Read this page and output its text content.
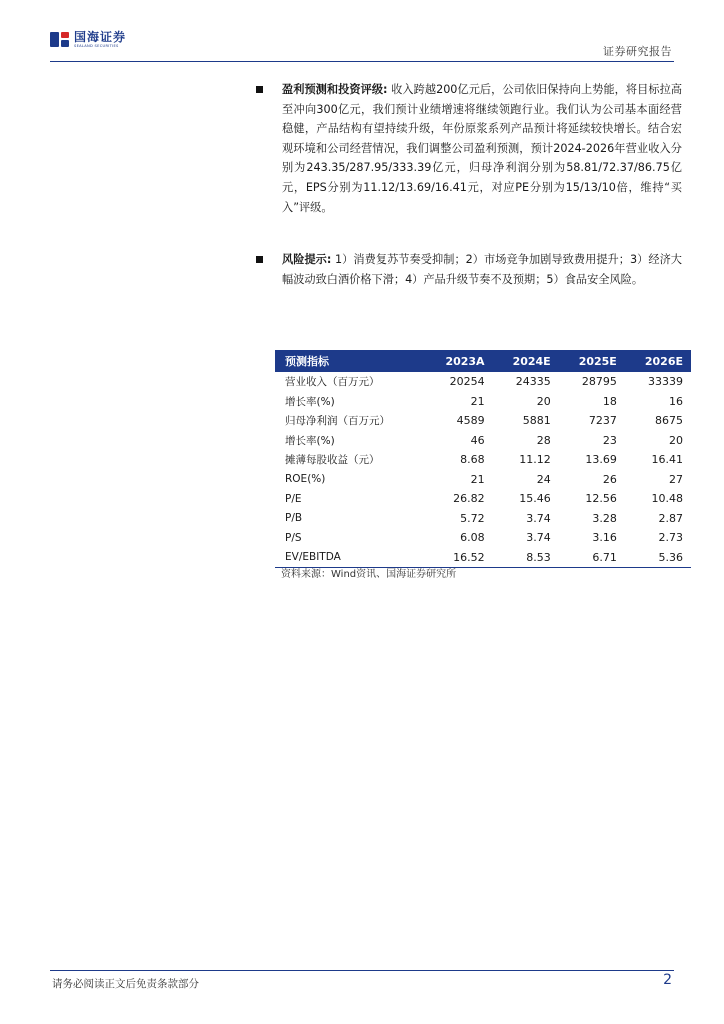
国海证券
SEALAND SECURITIES	证券研究报告
盈利预测和投资评级: 收入跨越200亿元后，公司依旧保持向上势能，将目标拉高至冲向300亿元，我们预计业绩增速将继续领跑行业。我们认为公司基本面经营稳健，产品结构有望持续升级，年份原浆系列产品预计将延续较快增长。结合宏观环境和公司经营情况，我们调整公司盈利预测，预计2024-2026年营业收入分别为243.35/287.95/333.39亿元，归母净利润分别为58.81/72.37/86.75亿元，EPS分别为11.12/13.69/16.41元，对应PE分别为15/13/10倍，维持“买入”评级。
风险提示: 1）消费复苏节奏受抑制；2）市场竞争加剧导致费用提升；3）经济大幅波动致白酒价格下滑；4）产品升级节奏不及预期；5）食品安全风险。
预测指标	2023A	2024E	2025E	2026E
营业收入（百万元）	20254	24335	28795	33339
增长率(%)	21	20	18	16
归母净利润（百万元）	4589	5881	7237	8675
增长率(%)	46	28	23	20
摊薄每股收益（元）	8.68	11.12	13.69	16.41
ROE(%)	21	24	26	27
P/E	26.82	15.46	12.56	10.48
P/B	5.72	3.74	3.28	2.87
P/S	6.08	3.74	3.16	2.73
EV/EBITDA	16.52	8.53	6.71	5.36
资料来源：Wind资讯、国海证券研究所
请务必阅读正文后免责条款部分	2
